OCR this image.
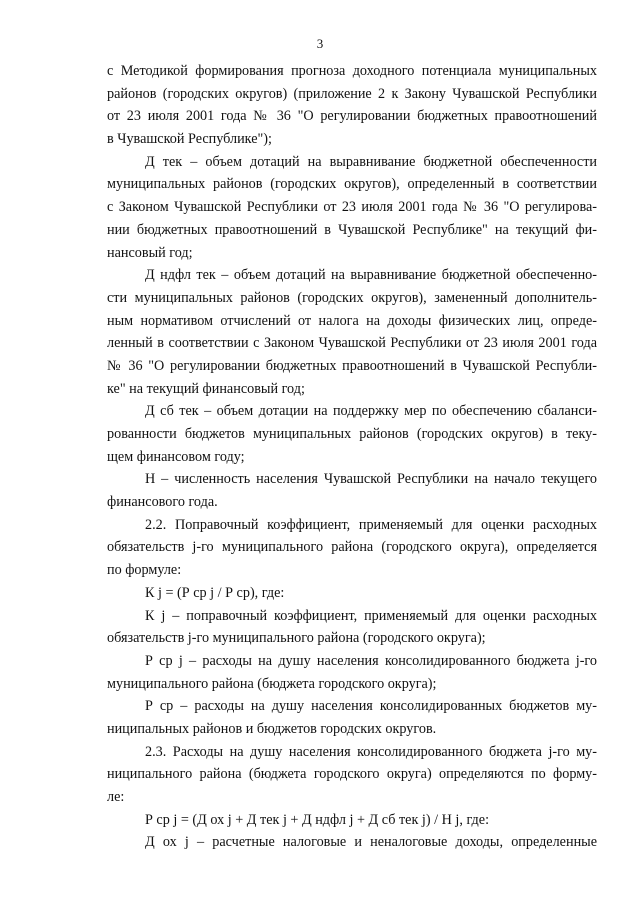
3
с Методикой формирования прогноза доходного потенциала муниципальных
районов (городских округов) (приложение 2 к Закону Чувашской Республики
от 23 июля 2001 года № 36 "О регулировании бюджетных правоотношений
в Чувашской Республике");
Д тек – объем дотаций на выравнивание бюджетной обеспеченности
муниципальных районов (городских округов), определенный в соответствии
с Законом Чувашской Республики от 23 июля 2001 года № 36 "О регулирова-
нии бюджетных правоотношений в Чувашской Республике" на текущий фи-
нансовый год;
Д ндфл тек – объем дотаций на выравнивание бюджетной обеспеченно-
сти муниципальных районов (городских округов), замененный дополнитель-
ным нормативом отчислений от налога на доходы физических лиц, опреде-
ленный в соответствии с Законом Чувашской Республики от 23 июля 2001 года
№ 36 "О регулировании бюджетных правоотношений в Чувашской Республи-
ке" на текущий финансовый год;
Д сб тек – объем дотации на поддержку мер по обеспечению сбаланси-
рованности бюджетов муниципальных районов (городских округов) в теку-
щем финансовом году;
Н – численность населения Чувашской Республики на начало текущего
финансового года.
2.2. Поправочный коэффициент, применяемый для оценки расходных
обязательств j-го муниципального района (городского округа), определяется
по формуле:
К j = (Р ср j / Р ср), где:
К j – поправочный коэффициент, применяемый для оценки расходных
обязательств j-го муниципального района (городского округа);
Р ср j – расходы на душу населения консолидированного бюджета j-го
муниципального района (бюджета городского округа);
Р ср – расходы на душу населения консолидированных бюджетов му-
ниципальных районов и бюджетов городских округов.
2.3. Расходы на душу населения консолидированного бюджета j-го му-
ниципального района (бюджета городского округа) определяются по форму-
ле:
Р ср j = (Д ох j + Д тек j + Д ндфл j + Д сб тек j) / Н j, где:
Д ох j – расчетные налоговые и неналоговые доходы, определенные
